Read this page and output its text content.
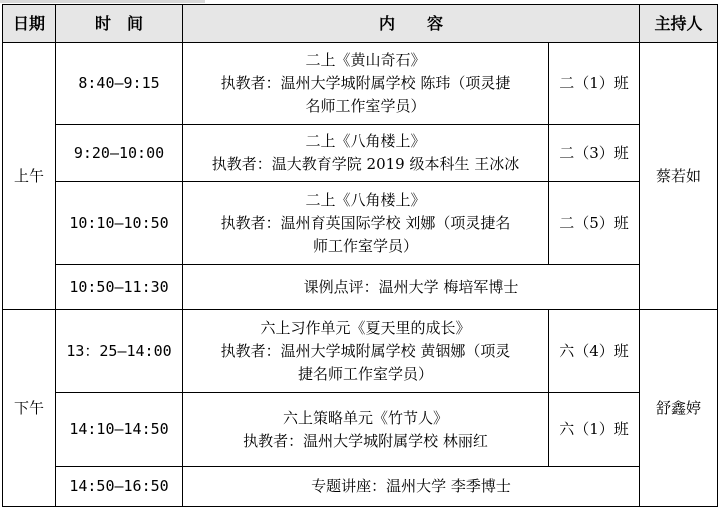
日期	时　间	内　　容		主持人
上午	8:40—9:15	二上《黄山奇石》
执教者：温州大学城附属学校 陈玮（项灵捷
名师工作室学员）	二（1）班	蔡若如
	9:20—10:00	二上《八角楼上》
执教者：温大教育学院 2019 级本科生 王冰冰	二（3）班	
	10:10—10:50	二上《八角楼上》
执教者：温州育英国际学校 刘娜（项灵捷名
师工作室学员）	二（5）班	
	10:50—11:30	课例点评：温州大学 梅培军博士		

下午	13：25—14:00	六上习作单元《夏天里的成长》
执教者：温州大学城附属学校 黄铟娜（项灵
捷名师工作室学员）	六（4）班	舒鑫婷
	14:10—14:50	六上策略单元《竹节人》
执教者：温州大学城附属学校 林丽红	六（1）班	
	14:50—16:50	专题讲座：温州大学 李季博士		
